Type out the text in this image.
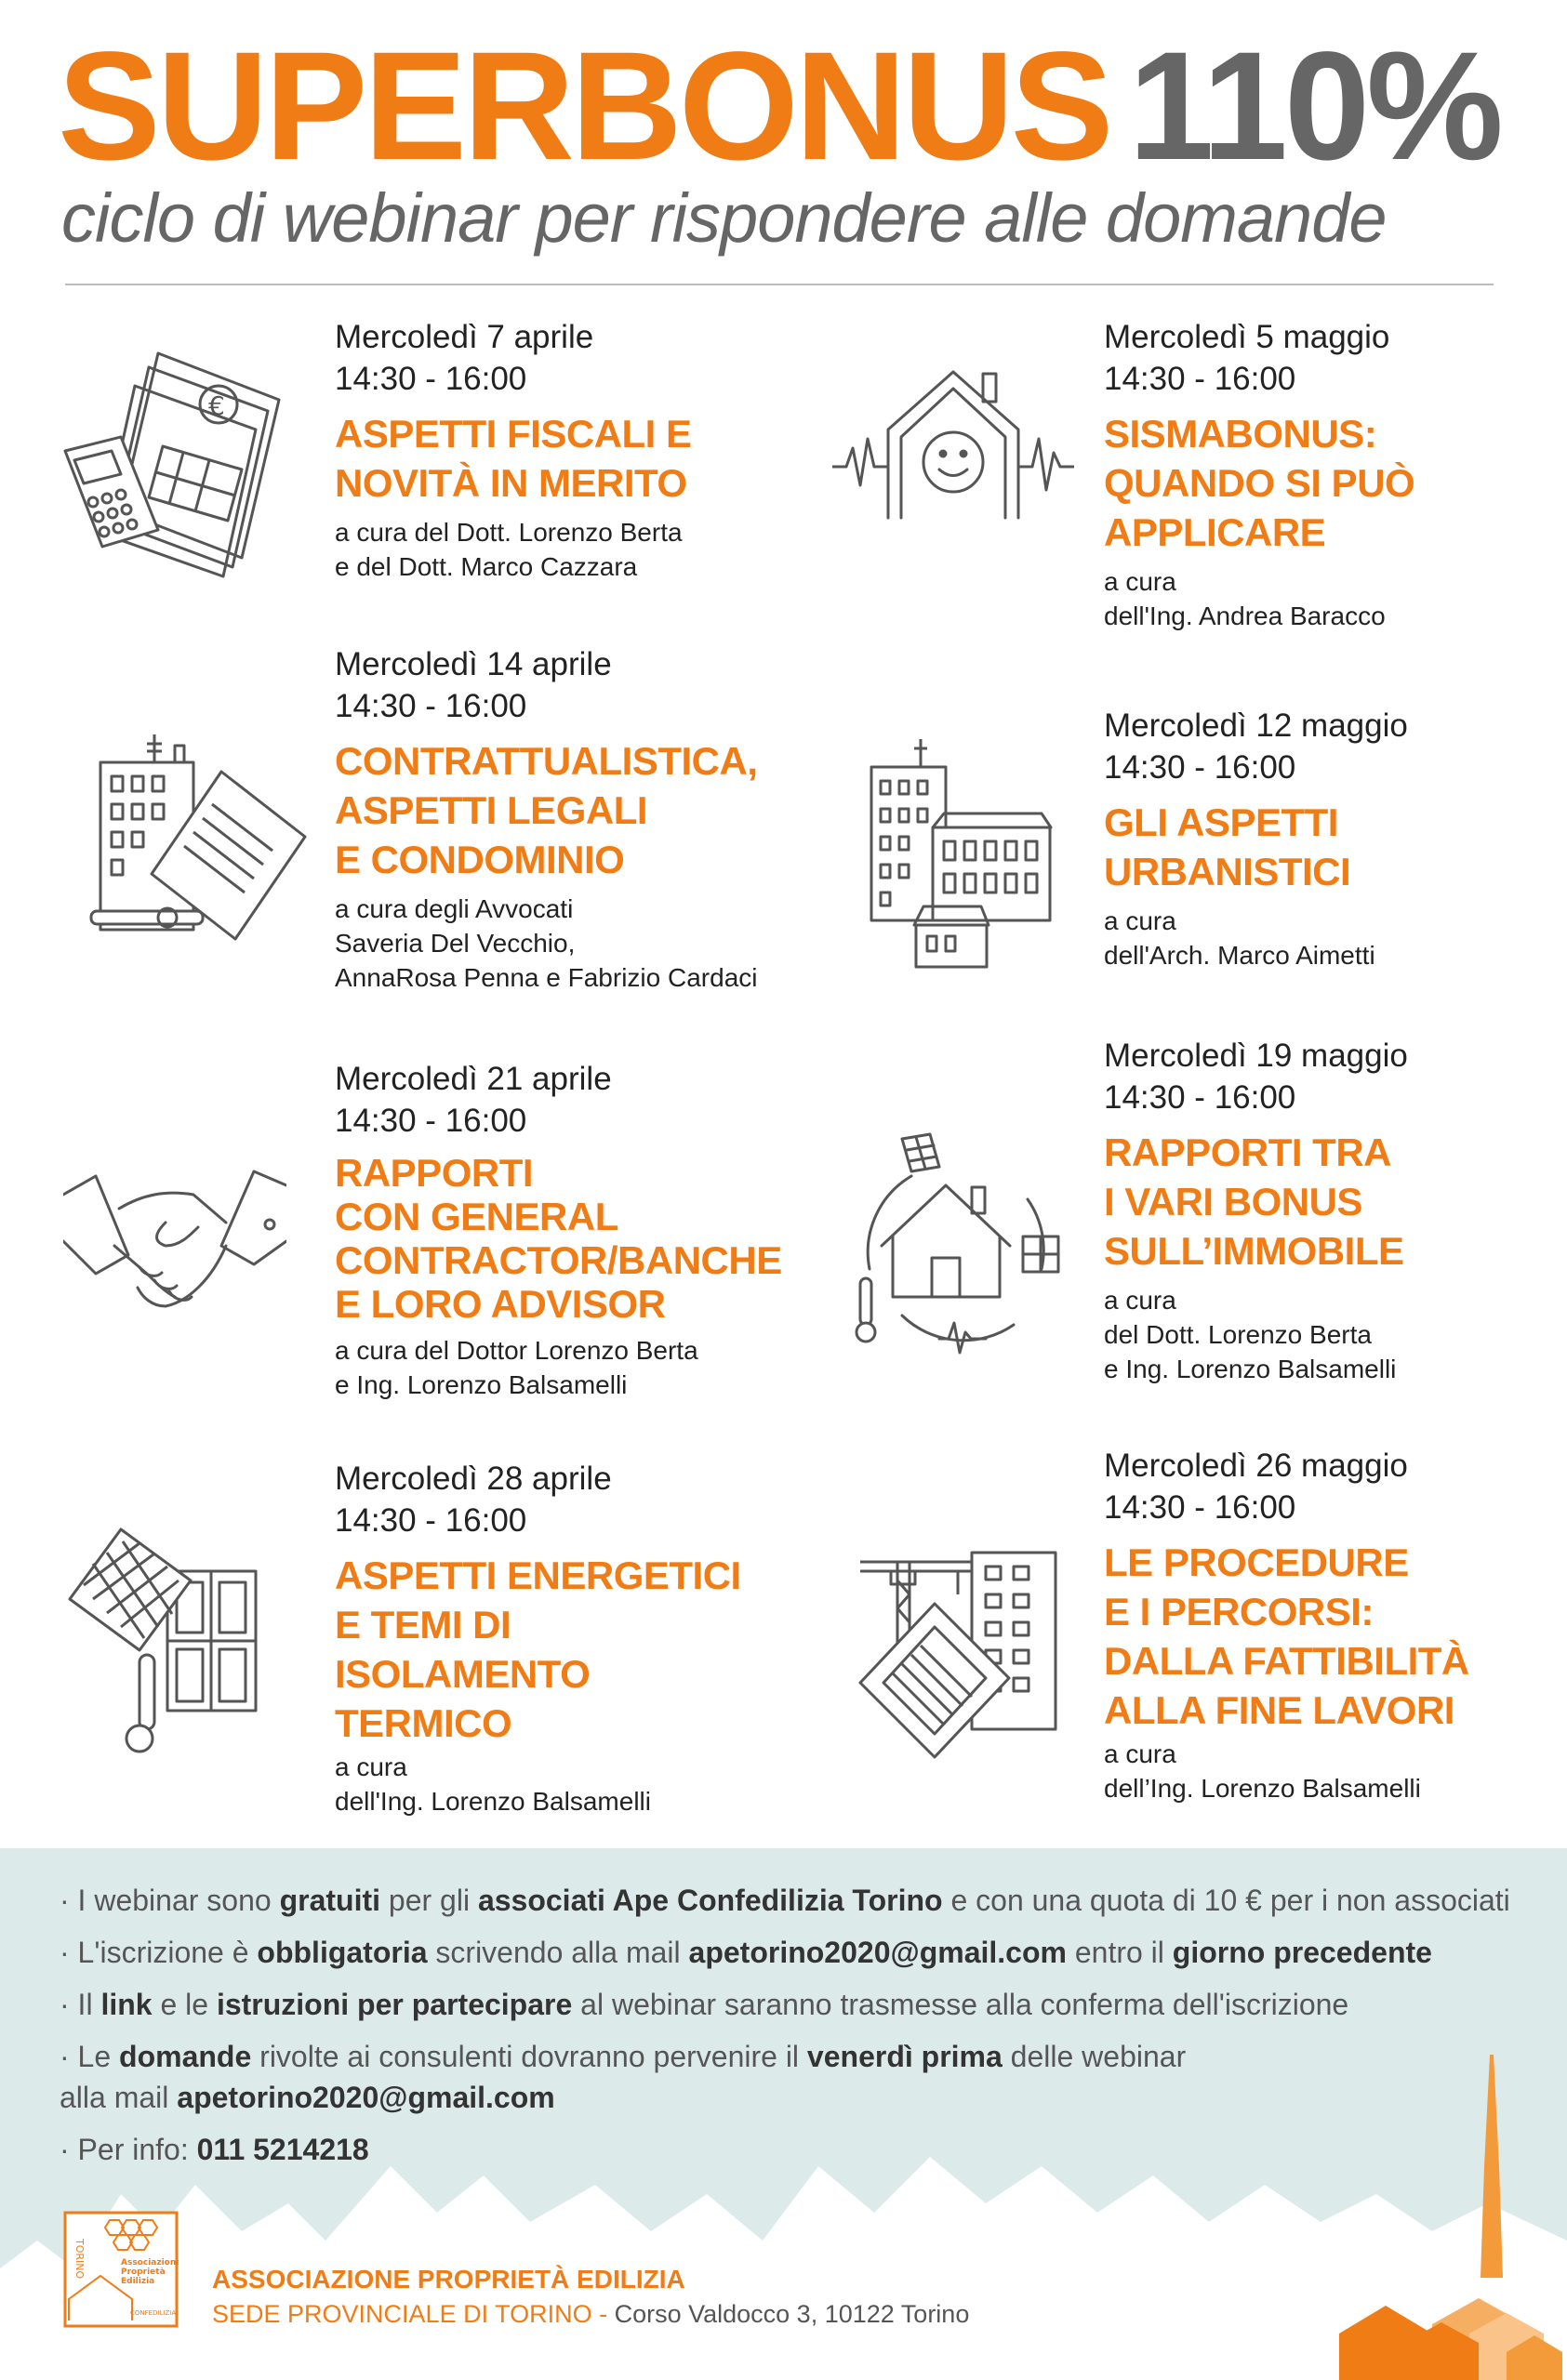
SUPERBONUS 110%
ciclo di webinar per rispondere alle domande
Mercoledì 7 aprile
14:30 - 16:00
ASPETTI FISCALI E
NOVITÀ IN MERITO
a cura del Dott. Lorenzo Berta
e del Dott. Marco Cazzara
Mercoledì 14 aprile
14:30 - 16:00
CONTRATTUALISTICA,
ASPETTI LEGALI
E CONDOMINIO
a cura degli Avvocati
Saveria Del Vecchio,
AnnaRosa Penna e Fabrizio Cardaci
Mercoledì 21 aprile
14:30 - 16:00
RAPPORTI
CON GENERAL
CONTRACTOR/BANCHE
E LORO ADVISOR
a cura del Dottor Lorenzo Berta
e Ing. Lorenzo Balsamelli
Mercoledì 28 aprile
14:30 - 16:00
ASPETTI ENERGETICI
E TEMI DI
ISOLAMENTO
TERMICO
a cura
dell'Ing. Lorenzo Balsamelli
Mercoledì 5 maggio
14:30 - 16:00
SISMABONUS:
QUANDO SI PUÒ
APPLICARE
a cura
dell'Ing. Andrea Baracco
Mercoledì 12 maggio
14:30 - 16:00
GLI ASPETTI
URBANISTICI
a cura
dell'Arch. Marco Aimetti
Mercoledì 19 maggio
14:30 - 16:00
RAPPORTI TRA
I VARI BONUS
SULL’IMMOBILE
a cura
del Dott. Lorenzo Berta
e Ing. Lorenzo Balsamelli
Mercoledì 26 maggio
14:30 - 16:00
LE PROCEDURE
E I PERCORSI:
DALLA FATTIBILITÀ
ALLA FINE LAVORI
a cura
dell’Ing. Lorenzo Balsamelli
€
· I webinar sono gratuiti per gli associati Ape Confedilizia Torino e con una quota di 10 € per i non associati
· L'iscrizione è obbligatoria scrivendo alla mail apetorino2020@gmail.com entro il giorno precedente
· Il link e le istruzioni per partecipare al webinar saranno trasmesse alla conferma dell'iscrizione
· Le domande rivolte ai consulenti dovranno pervenire il venerdì prima delle webinar
alla mail apetorino2020@gmail.com
· Per info: 011 5214218
TORINO	Associazione
Proprietà
Edilizia
CONFEDILIZIA
ASSOCIAZIONE PROPRIETÀ EDILIZIA
SEDE PROVINCIALE DI TORINO - Corso Valdocco 3, 10122 Torino
